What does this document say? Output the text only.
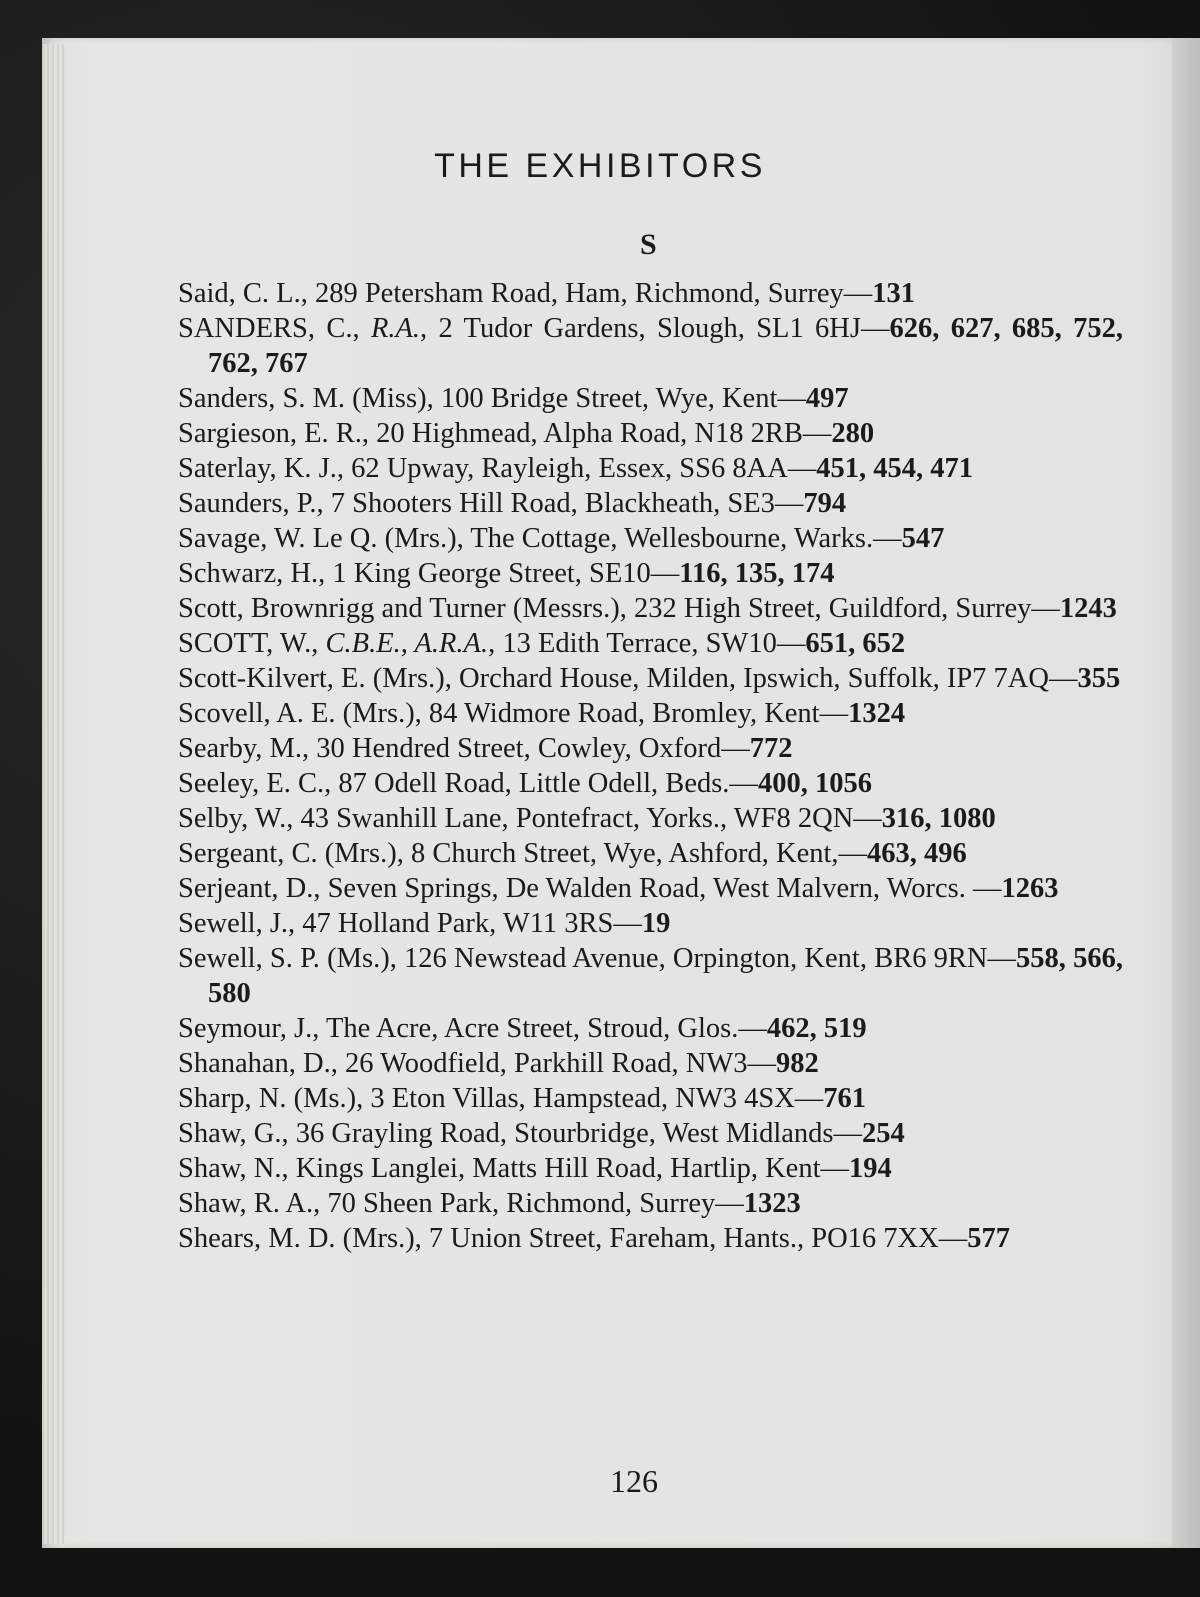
THE EXHIBITORS
S
Said, C. L., 289 Petersham Road, Ham, Richmond, Surrey—131
SANDERS, C., R.A., 2 Tudor Gardens, Slough, SL1 6HJ—626, 627, 685, 752, 762, 767
Sanders, S. M. (Miss), 100 Bridge Street, Wye, Kent—497
Sargieson, E. R., 20 Highmead, Alpha Road, N18 2RB—280
Saterlay, K. J., 62 Upway, Rayleigh, Essex, SS6 8AA—451, 454, 471
Saunders, P., 7 Shooters Hill Road, Blackheath, SE3—794
Savage, W. Le Q. (Mrs.), The Cottage, Wellesbourne, Warks.—547
Schwarz, H., 1 King George Street, SE10—116, 135, 174
Scott, Brownrigg and Turner (Messrs.), 232 High Street, Guildford, Surrey—1243
SCOTT, W., C.B.E., A.R.A., 13 Edith Terrace, SW10—651, 652
Scott-Kilvert, E. (Mrs.), Orchard House, Milden, Ipswich, Suffolk, IP7 7AQ—355
Scovell, A. E. (Mrs.), 84 Widmore Road, Bromley, Kent—1324
Searby, M., 30 Hendred Street, Cowley, Oxford—772
Seeley, E. C., 87 Odell Road, Little Odell, Beds.—400, 1056
Selby, W., 43 Swanhill Lane, Pontefract, Yorks., WF8 2QN—316, 1080
Sergeant, C. (Mrs.), 8 Church Street, Wye, Ashford, Kent,—463, 496
Serjeant, D., Seven Springs, De Walden Road, West Malvern, Worcs. —1263
Sewell, J., 47 Holland Park, W11 3RS—19
Sewell, S. P. (Ms.), 126 Newstead Avenue, Orpington, Kent, BR6 9RN—558, 566, 580
Seymour, J., The Acre, Acre Street, Stroud, Glos.—462, 519
Shanahan, D., 26 Woodfield, Parkhill Road, NW3—982
Sharp, N. (Ms.), 3 Eton Villas, Hampstead, NW3 4SX—761
Shaw, G., 36 Grayling Road, Stourbridge, West Midlands—254
Shaw, N., Kings Langlei, Matts Hill Road, Hartlip, Kent—194
Shaw, R. A., 70 Sheen Park, Richmond, Surrey—1323
Shears, M. D. (Mrs.), 7 Union Street, Fareham, Hants., PO16 7XX—577
126
